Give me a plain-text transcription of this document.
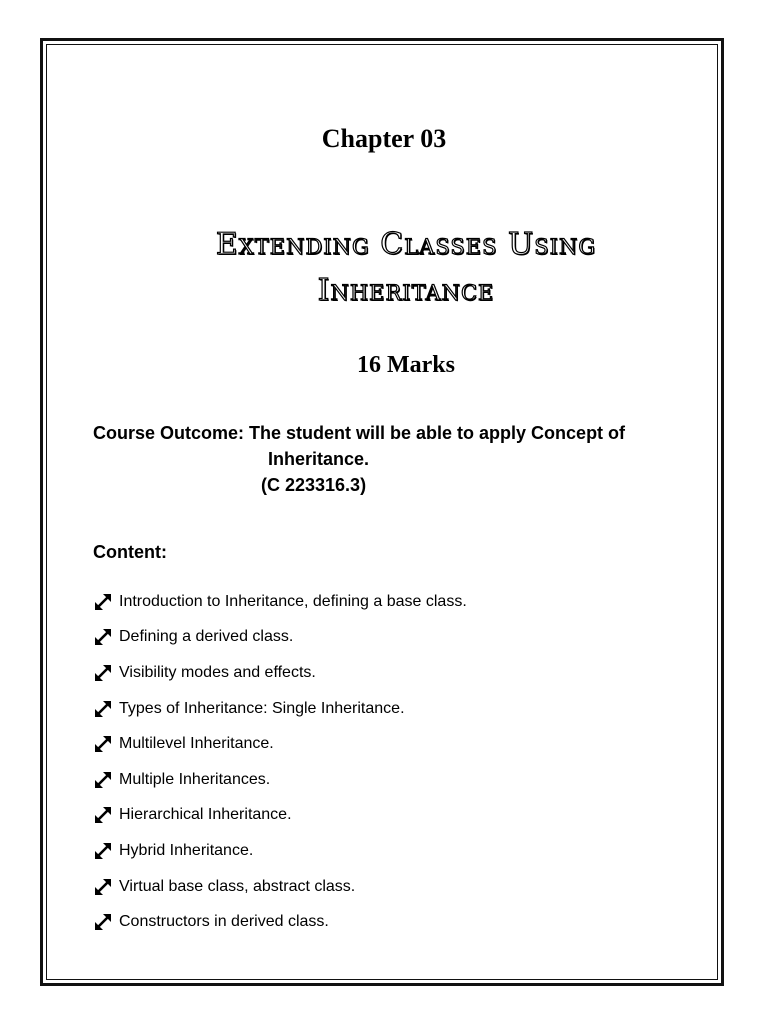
Chapter 03
Extending Classes Using
Inheritance
16 Marks
Course Outcome: The student will be able to apply Concept of
Inheritance.
(C 223316.3)
Content:
Introduction to Inheritance, defining a base class.
Defining a derived class.
Visibility modes and effects.
Types of Inheritance: Single Inheritance.
Multilevel Inheritance.
Multiple Inheritances.
Hierarchical Inheritance.
Hybrid Inheritance.
Virtual base class, abstract class.
Constructors in derived class.
